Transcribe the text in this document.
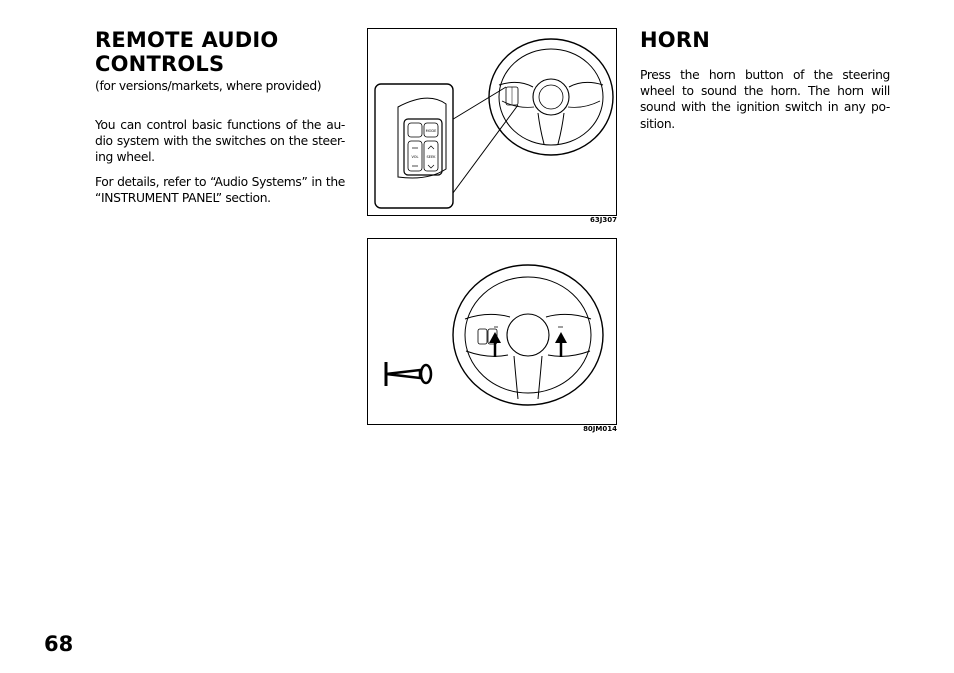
REMOTE AUDIO
CONTROLS

(for versions/markets, where provided)

You can control basic functions of the au- dio system with the switches on the steer- ing wheel.

For details, refer to “Audio Systems” in the “INSTRUMENT PANEL” section.

MODE
VOL SEEK
63J307
80JM014
HORN

Press the horn button of the steering wheel to sound the horn. The horn will sound with the ignition switch in any po- sition.

68
